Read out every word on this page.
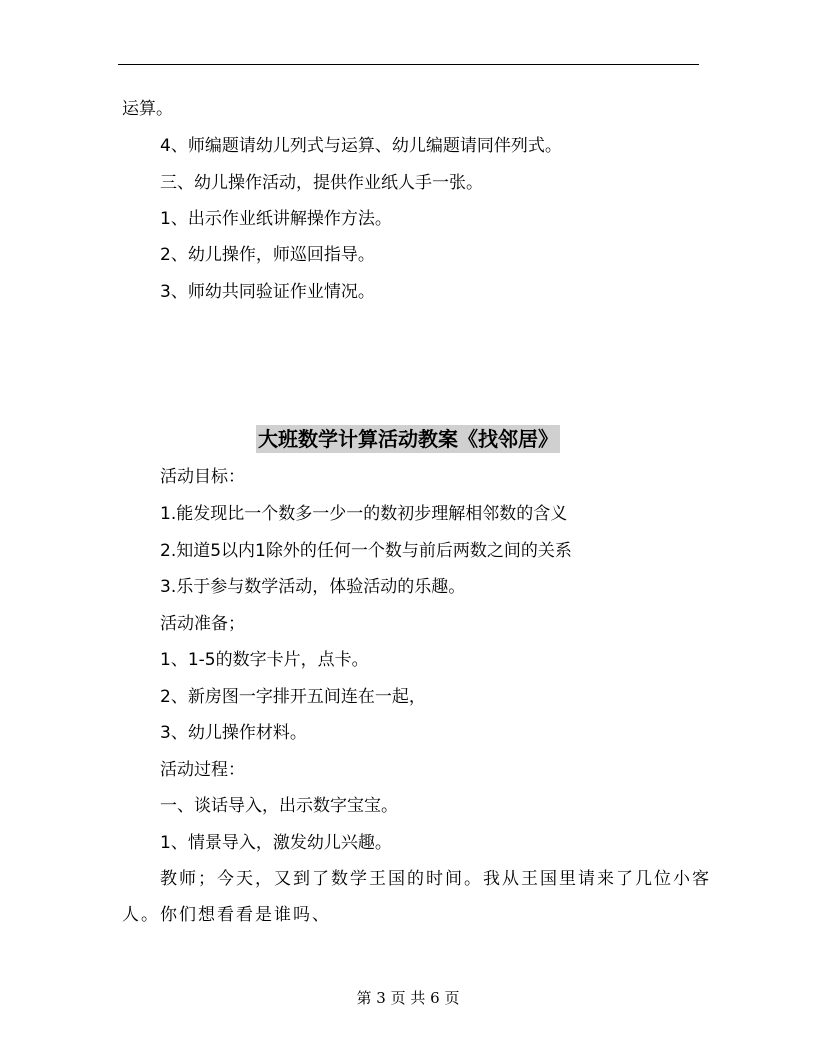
运算。
4、师编题请幼儿列式与运算、幼儿编题请同伴列式。
三、幼儿操作活动，提供作业纸人手一张。
1、出示作业纸讲解操作方法。
2、幼儿操作，师巡回指导。
3、师幼共同验证作业情况。
大班数学计算活动教案《找邻居》
活动目标：
1.能发现比一个数多一少一的数初步理解相邻数的含义
2.知道5以内1除外的任何一个数与前后两数之间的关系
3.乐于参与数学活动，体验活动的乐趣。
活动准备；
1、1-5的数字卡片，点卡。
2、新房图一字排开五间连在一起，
3、幼儿操作材料。
活动过程：
一、谈话导入，出示数字宝宝。
1、情景导入，激发幼儿兴趣。
教师；今天，又到了数学王国的时间。我从王国里请来了几位小客
人。你们想看看是谁吗、
第 3 页 共 6 页
